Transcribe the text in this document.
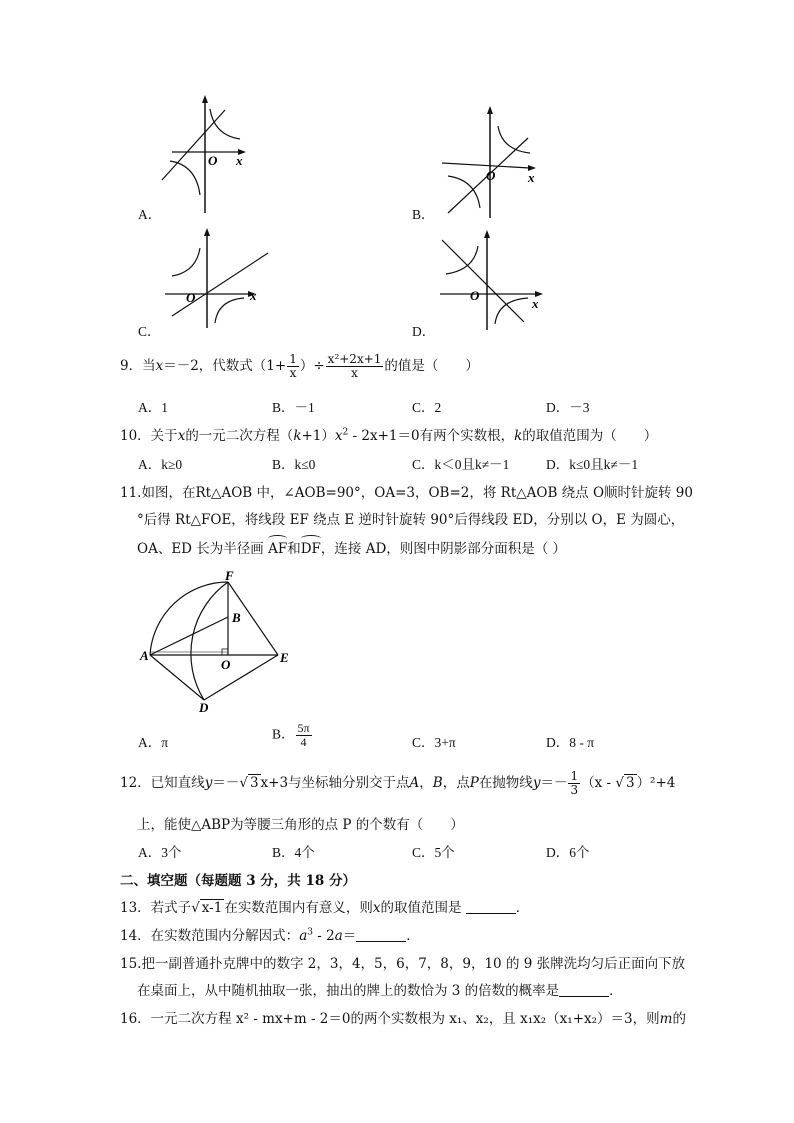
O x
A．
O	x
B．
O	x
C．
O
x
D．
9．当x＝－2，代数式（$1+ \frac{1}{x}$ ）÷ $\frac{\text{x²+2x+1}}{x}$ 的值是（　　）
A．1	B．－1	C．2	D．－3
10．关于x的一元二次方程$(k+1)x^2 - 2x+1=0$有两个实数根，k的取值范围为（　　）
A．k≥0	B．k≤0	C．k＜0且k≠－1	D．k≤0且k≠－1
11.如图，在Rt△AOB 中，∠AOB=90°，OA=3，OB=2，将 Rt△AOB 绕点 O顺时针旋转 90
°后得 Rt△FOE，将线段 EF 绕点 E 逆时针旋转 90°后得线段 ED，分别以 O，E 为圆心，
OA、ED 长为半径画
AF和
DF，连接 AD，则图中阴影部分面积是（ ）
F
B
A
O	E
D
A．π
B． $\frac{5\pi}{4}$	C．3+π	D．8 - π
12．已知直线y＝－√ 3 x+3与坐标轴分别交于点A，B，点P在抛物线$y=- \frac{1}{3} (x$ - √ 3 ）²+4
上，能使△ABP为等腰三角形的点 P 的个数有（　　）
A．3个	B．4个	C．5个	D．6个
二、填空题（每题题 3 分，共 18 分）
13．若式子√ x-1 在实数范围内有意义，则x的取值范围是	．
14．在实数范围内分解因式：$a^3 - 2a=$	．
15.把一副普通扑克牌中的数字 2，3，4，5，6，7，8，9，10 的 9 张牌洗均匀后正面向下放
在桌面上，从中随机抽取一张，抽出的牌上的数恰为 3 的倍数的概率是	．
16．一元二次方程 x² - mx+m - 2＝0的两个实数根为 x₁、x₂，且 x₁x₂（x₁+x₂）＝3，则m的
